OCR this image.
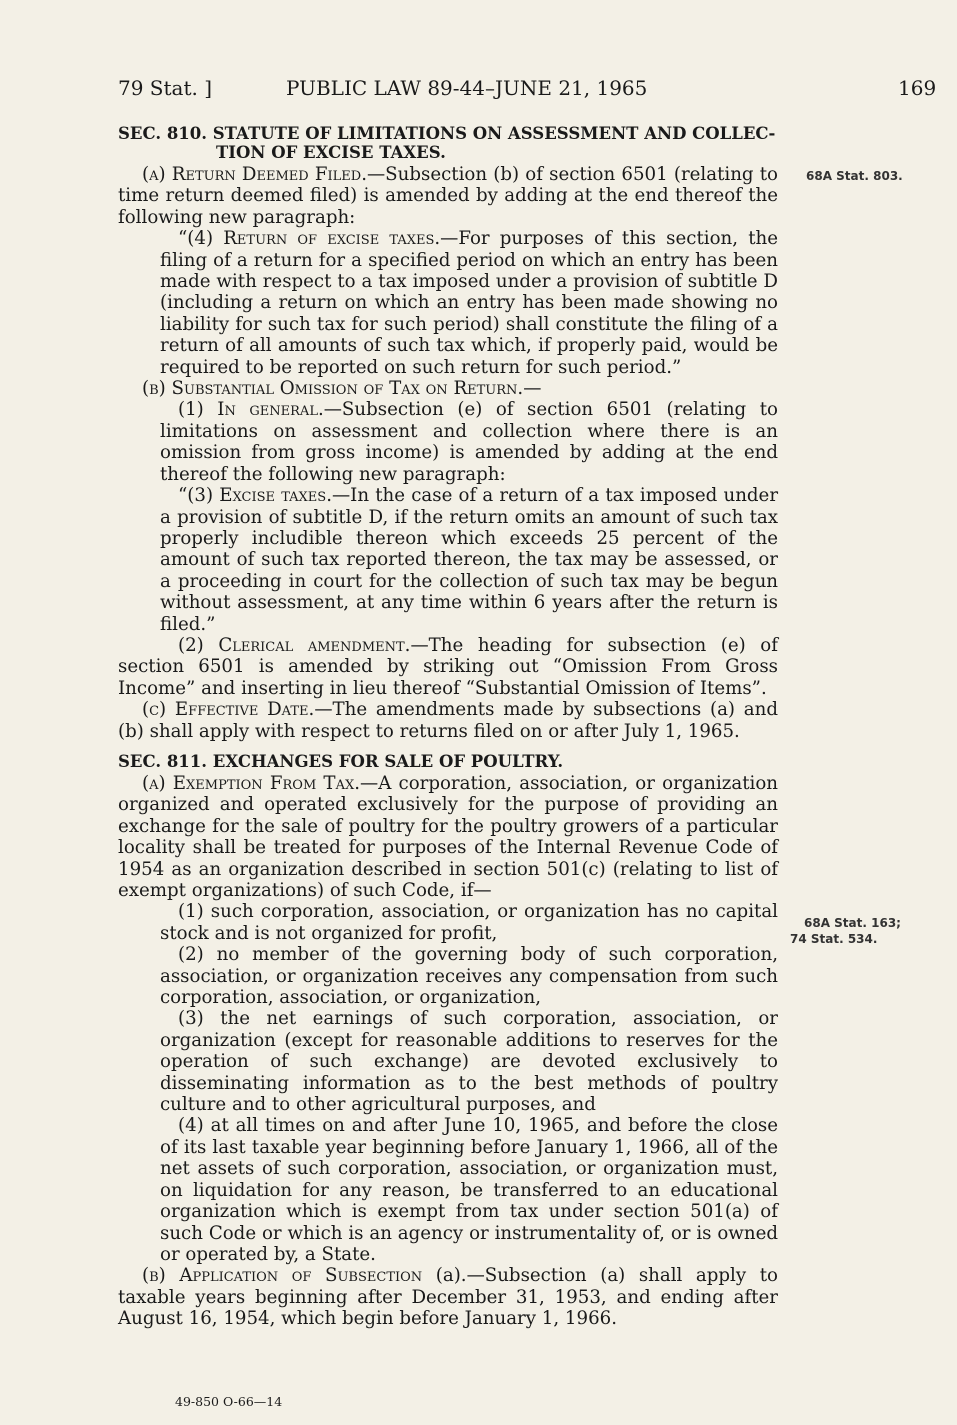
79 Stat. ]	PUBLIC LAW 89-44–JUNE 21, 1965	169
68A Stat. 803.
68A Stat. 163;
74 Stat. 534.
SEC. 810. STATUTE OF LIMITATIONS ON ASSESSMENT AND COLLEC-
TION OF EXCISE TAXES.

(a) Return Deemed Filed.—Subsection (b) of section 6501 (relating to time return deemed filed) is amended by adding at the end thereof the following new paragraph:

“(4) Return of excise taxes.—For purposes of this section, the filing of a return for a specified period on which an entry has been made with respect to a tax imposed under a provision of subtitle D (including a return on which an entry has been made showing no liability for such tax for such period) shall constitute the filing of a return of all amounts of such tax which, if properly paid, would be required to be reported on such return for such period.”

(b) Substantial Omission of Tax on Return.—

(1) In general.—Subsection (e) of section 6501 (relating to limitations on assessment and collection where there is an omission from gross income) is amended by adding at the end thereof the following new paragraph:

“(3) Excise taxes.—In the case of a return of a tax imposed under a provision of subtitle D, if the return omits an amount of such tax properly includible thereon which exceeds 25 percent of the amount of such tax reported thereon, the tax may be assessed, or a proceeding in court for the collection of such tax may be begun without assessment, at any time within 6 years after the return is filed.”

(2) Clerical amendment.—The heading for subsection (e) of section 6501 is amended by striking out “Omission From Gross Income” and inserting in lieu thereof “Substantial Omission of Items”.

(c) Effective Date.—The amendments made by subsections (a) and (b) shall apply with respect to returns filed on or after July 1, 1965.

SEC. 811. EXCHANGES FOR SALE OF POULTRY.

(a) Exemption From Tax.—A corporation, association, or organization organized and operated exclusively for the purpose of providing an exchange for the sale of poultry for the poultry growers of a particular locality shall be treated for purposes of the Internal Revenue Code of 1954 as an organization described in section 501(c) (relating to list of exempt organizations) of such Code, if—

(1) such corporation, association, or organization has no capital stock and is not organized for profit,

(2) no member of the governing body of such corporation, association, or organization receives any compensation from such corporation, association, or organization,

(3) the net earnings of such corporation, association, or organization (except for reasonable additions to reserves for the operation of such exchange) are devoted exclusively to disseminating information as to the best methods of poultry culture and to other agricultural purposes, and

(4) at all times on and after June 10, 1965, and before the close of its last taxable year beginning before January 1, 1966, all of the net assets of such corporation, association, or organization must, on liquidation for any reason, be transferred to an educational organization which is exempt from tax under section 501(a) of such Code or which is an agency or instrumentality of, or is owned or operated by, a State.

(b) Application of Subsection (a).—Subsection (a) shall apply to taxable years beginning after December 31, 1953, and ending after August 16, 1954, which begin before January 1, 1966.

49-850 O-66—14
